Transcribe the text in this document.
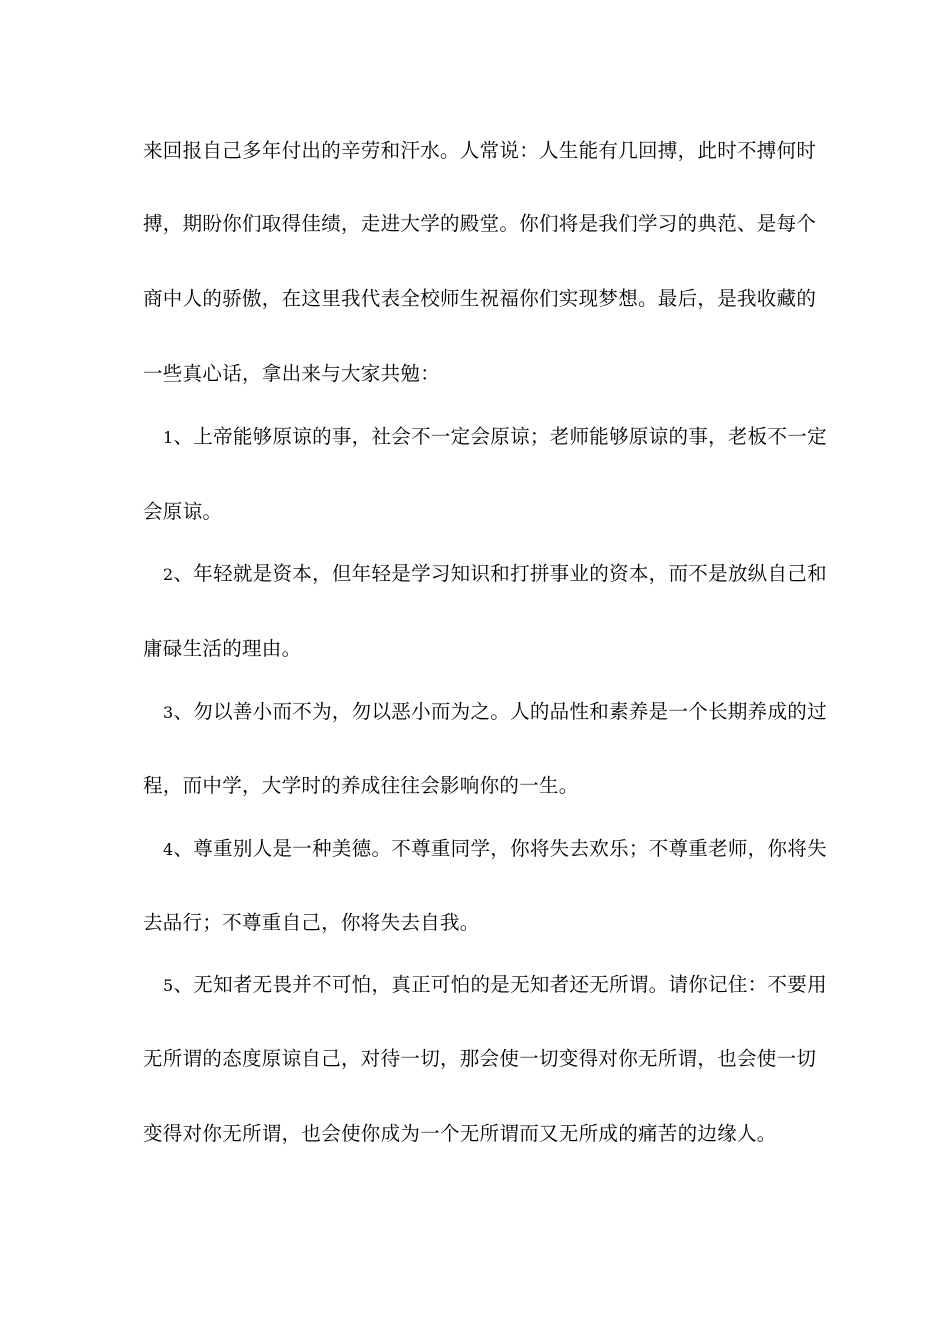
来回报自己多年付出的辛劳和汗水。人常说：人生能有几回搏，此时不搏何时
搏，期盼你们取得佳绩，走进大学的殿堂。你们将是我们学习的典范、是每个
商中人的骄傲，在这里我代表全校师生祝福你们实现梦想。最后，是我收藏的
一些真心话，拿出来与大家共勉：
1、上帝能够原谅的事，社会不一定会原谅；老师能够原谅的事，老板不一定
会原谅。
2、年轻就是资本，但年轻是学习知识和打拼事业的资本，而不是放纵自己和
庸碌生活的理由。
3、勿以善小而不为，勿以恶小而为之。人的品性和素养是一个长期养成的过
程，而中学，大学时的养成往往会影响你的一生。
4、尊重别人是一种美德。不尊重同学，你将失去欢乐；不尊重老师，你将失
去品行；不尊重自己，你将失去自我。
5、无知者无畏并不可怕，真正可怕的是无知者还无所谓。请你记住：不要用
无所谓的态度原谅自己，对待一切，那会使一切变得对你无所谓，也会使一切
变得对你无所谓，也会使你成为一个无所谓而又无所成的痛苦的边缘人。
